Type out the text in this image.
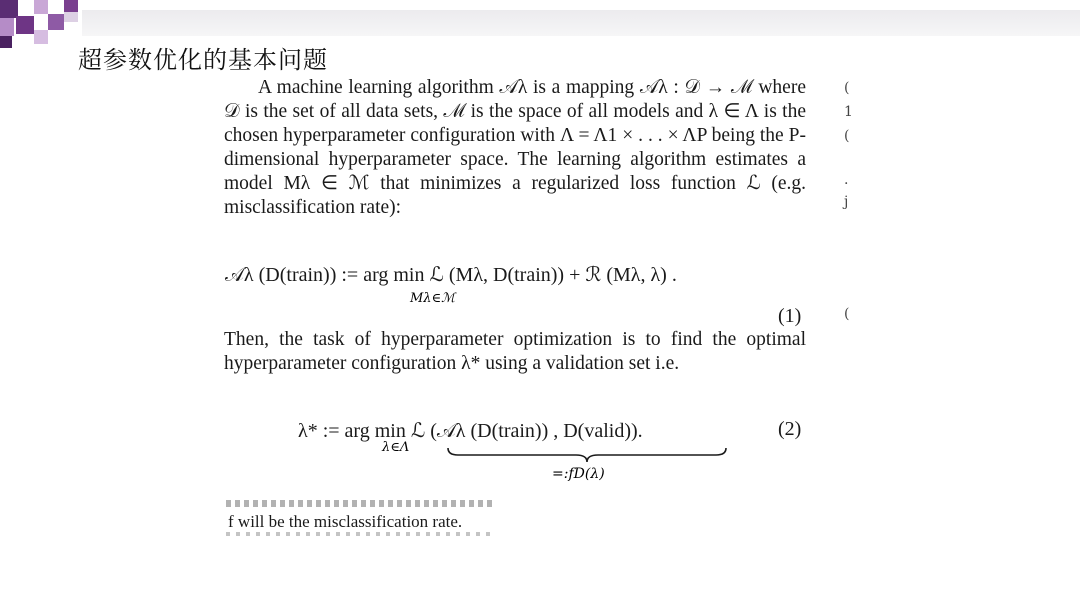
超参数优化的基本问题
A machine learning algorithm 𝒜λ is a mapping 𝒜λ : 𝒟 → ℳ where 𝒟 is the set of all data sets, ℳ is the space of all models and λ ∈ Λ is the chosen hyperparameter configuration with Λ = Λ1 × . . . × ΛP being the P-dimensional hyperparameter space. The learning algorithm estimates a model Mλ ∈ ℳ that minimizes a regularized loss function ℒ (e.g. misclassification rate):
𝒜λ (D(train)) := arg min ℒ (Mλ, D(train)) + ℛ (Mλ, λ) .
Mλ∈ℳ
(1)
Then, the task of hyperparameter optimization is to find the optimal hyperparameter configuration λ* using a validation set i.e.
λ* := arg min ℒ (𝒜λ (D(train)) , D(valid)).
λ∈Λ
=:fD(λ)
(2)
f will be the misclassification rate.
(
1
(
.
j
(
